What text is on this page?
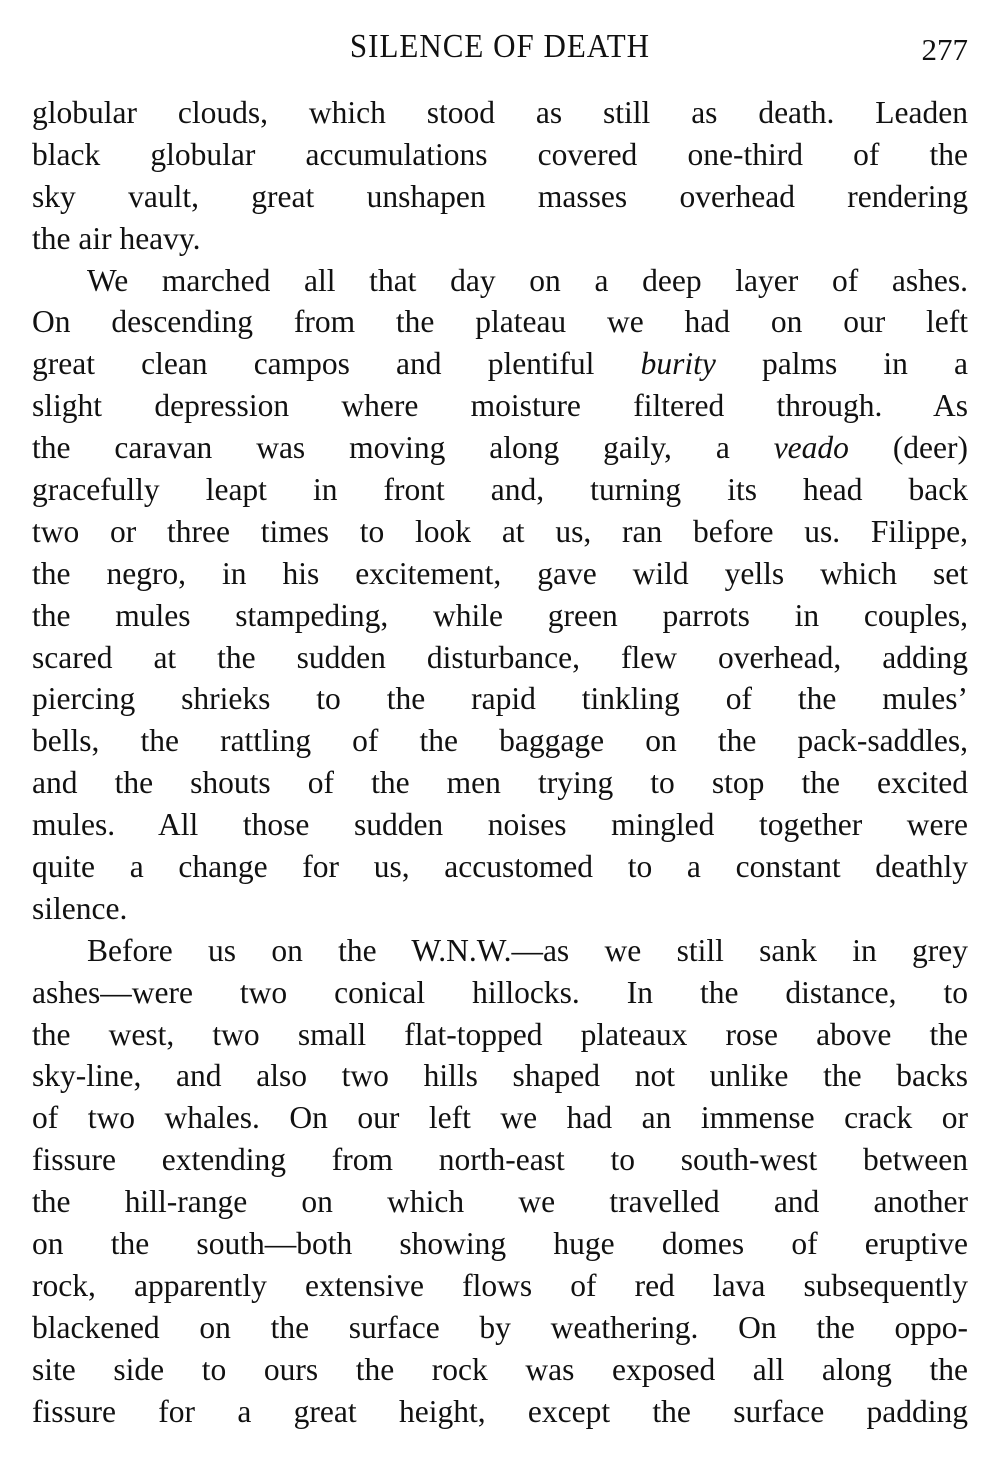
SILENCE OF DEATH	277
globular clouds, which stood as still as death. Leaden
black globular accumulations covered one-third of the
sky vault, great unshapen masses overhead rendering
the air heavy.
We marched all that day on a deep layer of ashes.
On descending from the plateau we had on our left
great clean campos and plentiful burity palms in a
slight depression where moisture filtered through. As
the caravan was moving along gaily, a veado (deer)
gracefully leapt in front and, turning its head back
two or three times to look at us, ran before us. Filippe,
the negro, in his excitement, gave wild yells which set
the mules stampeding, while green parrots in couples,
scared at the sudden disturbance, flew overhead, adding
piercing shrieks to the rapid tinkling of the mules’
bells, the rattling of the baggage on the pack-saddles,
and the shouts of the men trying to stop the excited
mules. All those sudden noises mingled together were
quite a change for us, accustomed to a constant deathly
silence.
Before us on the W.N.W.—as we still sank in grey
ashes—were two conical hillocks. In the distance, to
the west, two small flat-topped plateaux rose above the
sky-line, and also two hills shaped not unlike the backs
of two whales. On our left we had an immense crack or
fissure extending from north-east to south-west between
the hill-range on which we travelled and another
on the south—both showing huge domes of eruptive
rock, apparently extensive flows of red lava subsequently
blackened on the surface by weathering. On the oppo-
site side to ours the rock was exposed all along the
fissure for a great height, except the surface padding
